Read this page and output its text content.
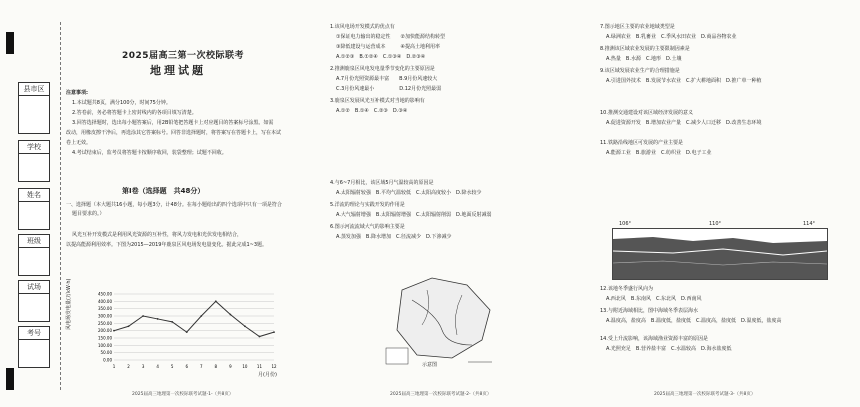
县市区
学校
姓名
班级
试场
考号
2025届高三第一次校际联考
地理试题
注意事项:
1.本试题共8页，满分100分，时间75分钟。
2.答卷前，务必将答题卡上密封线内的各项目填写清楚。
3.回答选择题时，选出每小题答案后，用2B铅笔把答题卡上对应题目的答案标号涂黑。如需
改动，用橡皮擦干净后，再选涂其它答案标号。回答非选择题时，将答案写在答题卡上，写在本试
卷上无效。
4.考试结束后，监考员将答题卡按顺序收回，装袋整理；试题不回收。
第Ⅰ卷（选择题　共48分）
一、选择题（本大题共16小题，每小题3分，计48分。在每小题给出的四个选项中只有一项是符合
题目要求的。）
风光互补开发模式是利用风光资源的互补性，将风力发电和光伏发电相结合，
以提高能源利用效率。下图为2015—2019年鹿泉区风电场发电量变化。据此完成1~3题。
风电场发电量(万kW·h)
0.00
50.00
100.00
150.00
200.00
250.00
300.00
350.00
400.00
450.00
1	2	3	4	5	6	7	8	9	10 11 12
月(月份)
2025届高三地理第一次校际联考试题-1-（共8页）
1.该风电场开发模式的优点有
①保证电力输出的稳定性　　②加快能源结构转型
③降低建设与运营成本　　　④提高土地利用率
A.①②③　B.①②④　C.①③④　D.②③④
2.推测鹿泉区风电发电量季节变化的主要原因是
A.7月份光照资源最丰富　　B.9月份风速较大
C.3月份风速最小　　　　　D.12月份光照最弱
3.鹿泉区发展风光互补模式对当地的影响有
A.①②　B.①④　C.②③　D.③④
4.与6~7月相比，该区域5月气温较高的原因是
A.太阳辐射较强　B.平均气温较低　C.太阳高度较小　D.降水较少
5.洋流的理论与实践开发的作用是
A.大气辐射增强　B.太阳辐射增强　C.太阳辐射削弱　D.地面反射减弱
6.图示河流流域大气的影响主要是
A.蒸发加强　B.降水增加　C.径流减少　D.下渗减少
示意图
2025届高三地理第一次校际联考试题-2-（共8页）
7.图示地区主要的农业地域类型是
A.绿洲农业　B.乳畜业　C.季风水田农业　D.商品谷物农业
8.推测该区域农业发展的主要限制因素是
A.热量　B.水源　C.地形　D.土壤
9.该区域发展农业生产的合理措施是
A.引进国外技术　B.发展节水农业　C.扩大耕地面积　D.推广单一种植
10.推测交通建设对该区域经济发展的意义
A.促进资源开发　B.增加农业产量　C.减少人口迁移　D.改善生态环境
11.铁路沿线地区可发展的产业主要是
A.能源工业　B.旅游业　C.纺织业　D.电子工业
106°	110°	114°
12.该地冬季盛行风向为
A.西北风　B.东南风　C.东北风　D.西南风
13.与附近海域相比，图中海域冬季表层海水
A.温度高，盐度高　B.温度低，盐度低　C.温度高，盐度低　D.温度低，盐度高
14.受上升流影响，该海域渔业资源丰富的原因是
A.光照充足　B.营养盐丰富　C.水温较高　D.海水盐度低
2025届高三地理第一次校际联考试题-3-（共8页）
